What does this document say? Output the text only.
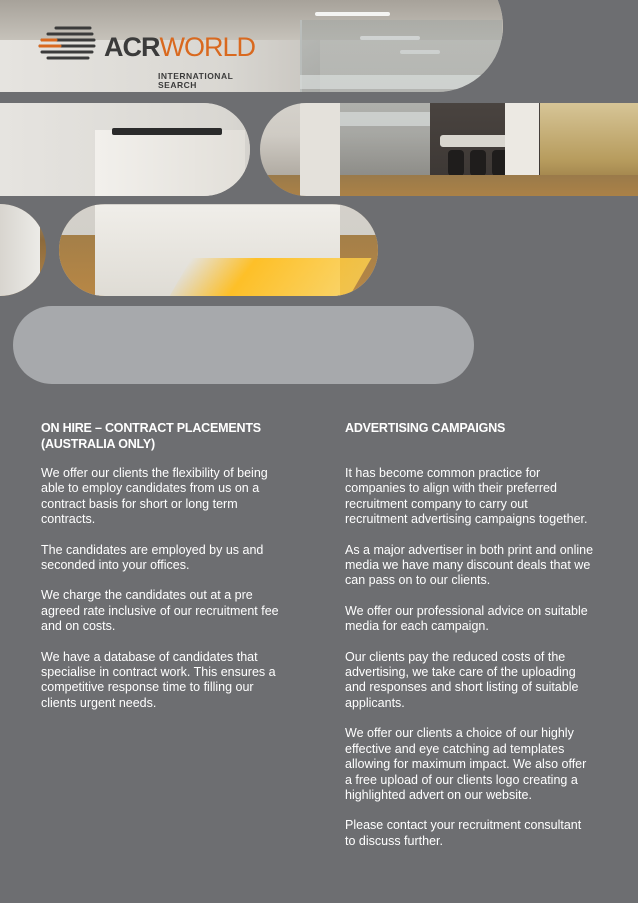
ACRWORLD
INTERNATIONAL SEARCH

ON HIRE – CONTRACT PLACEMENTS
(AUSTRALIA ONLY)

We offer our clients the flexibility of being
able to employ candidates from us on a
contract basis for short or long term
contracts.

The candidates are employed by us and
seconded into your offices.

We charge the candidates out at a pre
agreed rate inclusive of our recruitment fee
and on costs.

We have a database of candidates that
specialise in contract work. This ensures a
competitive response time to filling our
clients urgent needs.

ADVERTISING CAMPAIGNS

It has become common practice for
companies to align with their preferred
recruitment company to carry out
recruitment advertising campaigns together.

As a major advertiser in both print and online
media we have many discount deals that we
can pass on to our clients.

We offer our professional advice on suitable
media for each campaign.

Our clients pay the reduced costs of the
advertising, we take care of the uploading
and responses and short listing of suitable
applicants.

We offer our clients a choice of our highly
effective and eye catching ad templates
allowing for maximum impact. We also offer
a free upload of our clients logo creating a
highlighted advert on our website.

Please contact your recruitment consultant
to discuss further.
